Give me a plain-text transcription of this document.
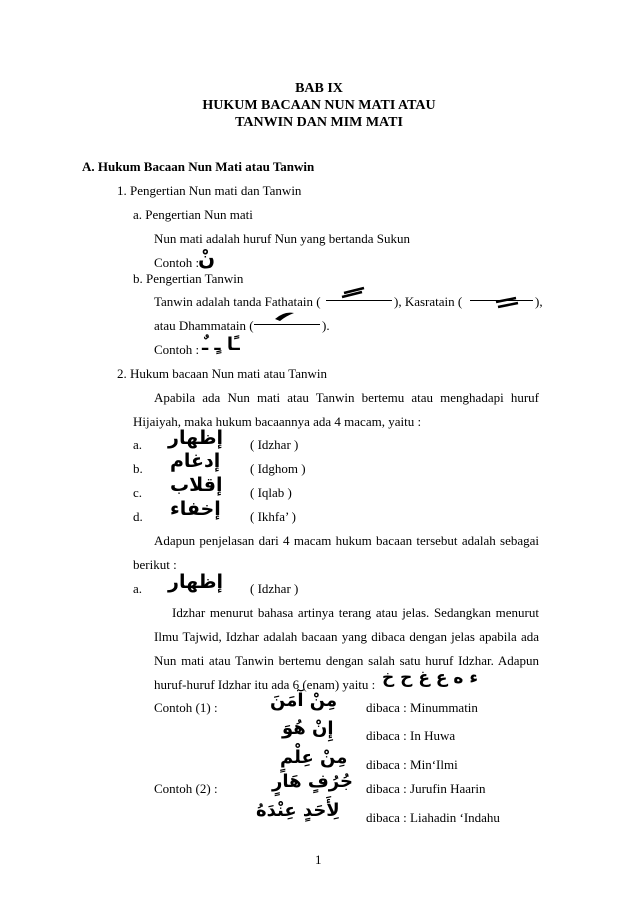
BAB IX
HUKUM BACAAN NUN MATI ATAU
TANWIN DAN MIM MATI
A. Hukum Bacaan Nun Mati atau Tanwin
1. Pengertian Nun mati dan Tanwin
a. Pengertian Nun mati
Nun mati adalah huruf Nun yang bertanda Sukun
Contoh :
نْ
b. Pengertian Tanwin
Tanwin adalah tanda Fathatain (	), Kasratain (	),
atau Dhammatain (	).
Contoh : ـًا ـٍ ـٌ
2. Hukum bacaan Nun mati atau Tanwin
Apabila ada Nun mati atau Tanwin bertemu atau menghadapi huruf
Hijaiyah, maka hukum bacaannya ada 4 macam, yaitu :
a. إظهار ( Idzhar )
b. إدغام ( Idghom )
c. إقلاب ( Iqlab )
d. إخفاء ( Ikhfa’ )
Adapun penjelasan dari 4 macam hukum bacaan tersebut adalah sebagai
berikut :
a. إظهار ( Idzhar )
Idzhar menurut bahasa artinya terang atau jelas. Sedangkan menurut
Ilmu Tajwid, Idzhar adalah bacaan yang dibaca dengan jelas apabila ada
Nun mati atau Tanwin bertemu dengan salah satu huruf Idzhar. Adapun
huruf-huruf Idzhar itu ada 6 (enam) yaitu : ء ه ع غ ح خ
Contoh (1) :	مِنْ آمَنَ dibaca : Minummatin
إِنْ هُوَ dibaca : In Huwa
مِنْ عِلْمٍ dibaca : Min‘Ilmi
Contoh (2) :	جُرُفٍ هَارٍ dibaca : Jurufin Haarin
لِأَحَدٍ عِنْدَهُ dibaca : Liahadin ‘Indahu
1
